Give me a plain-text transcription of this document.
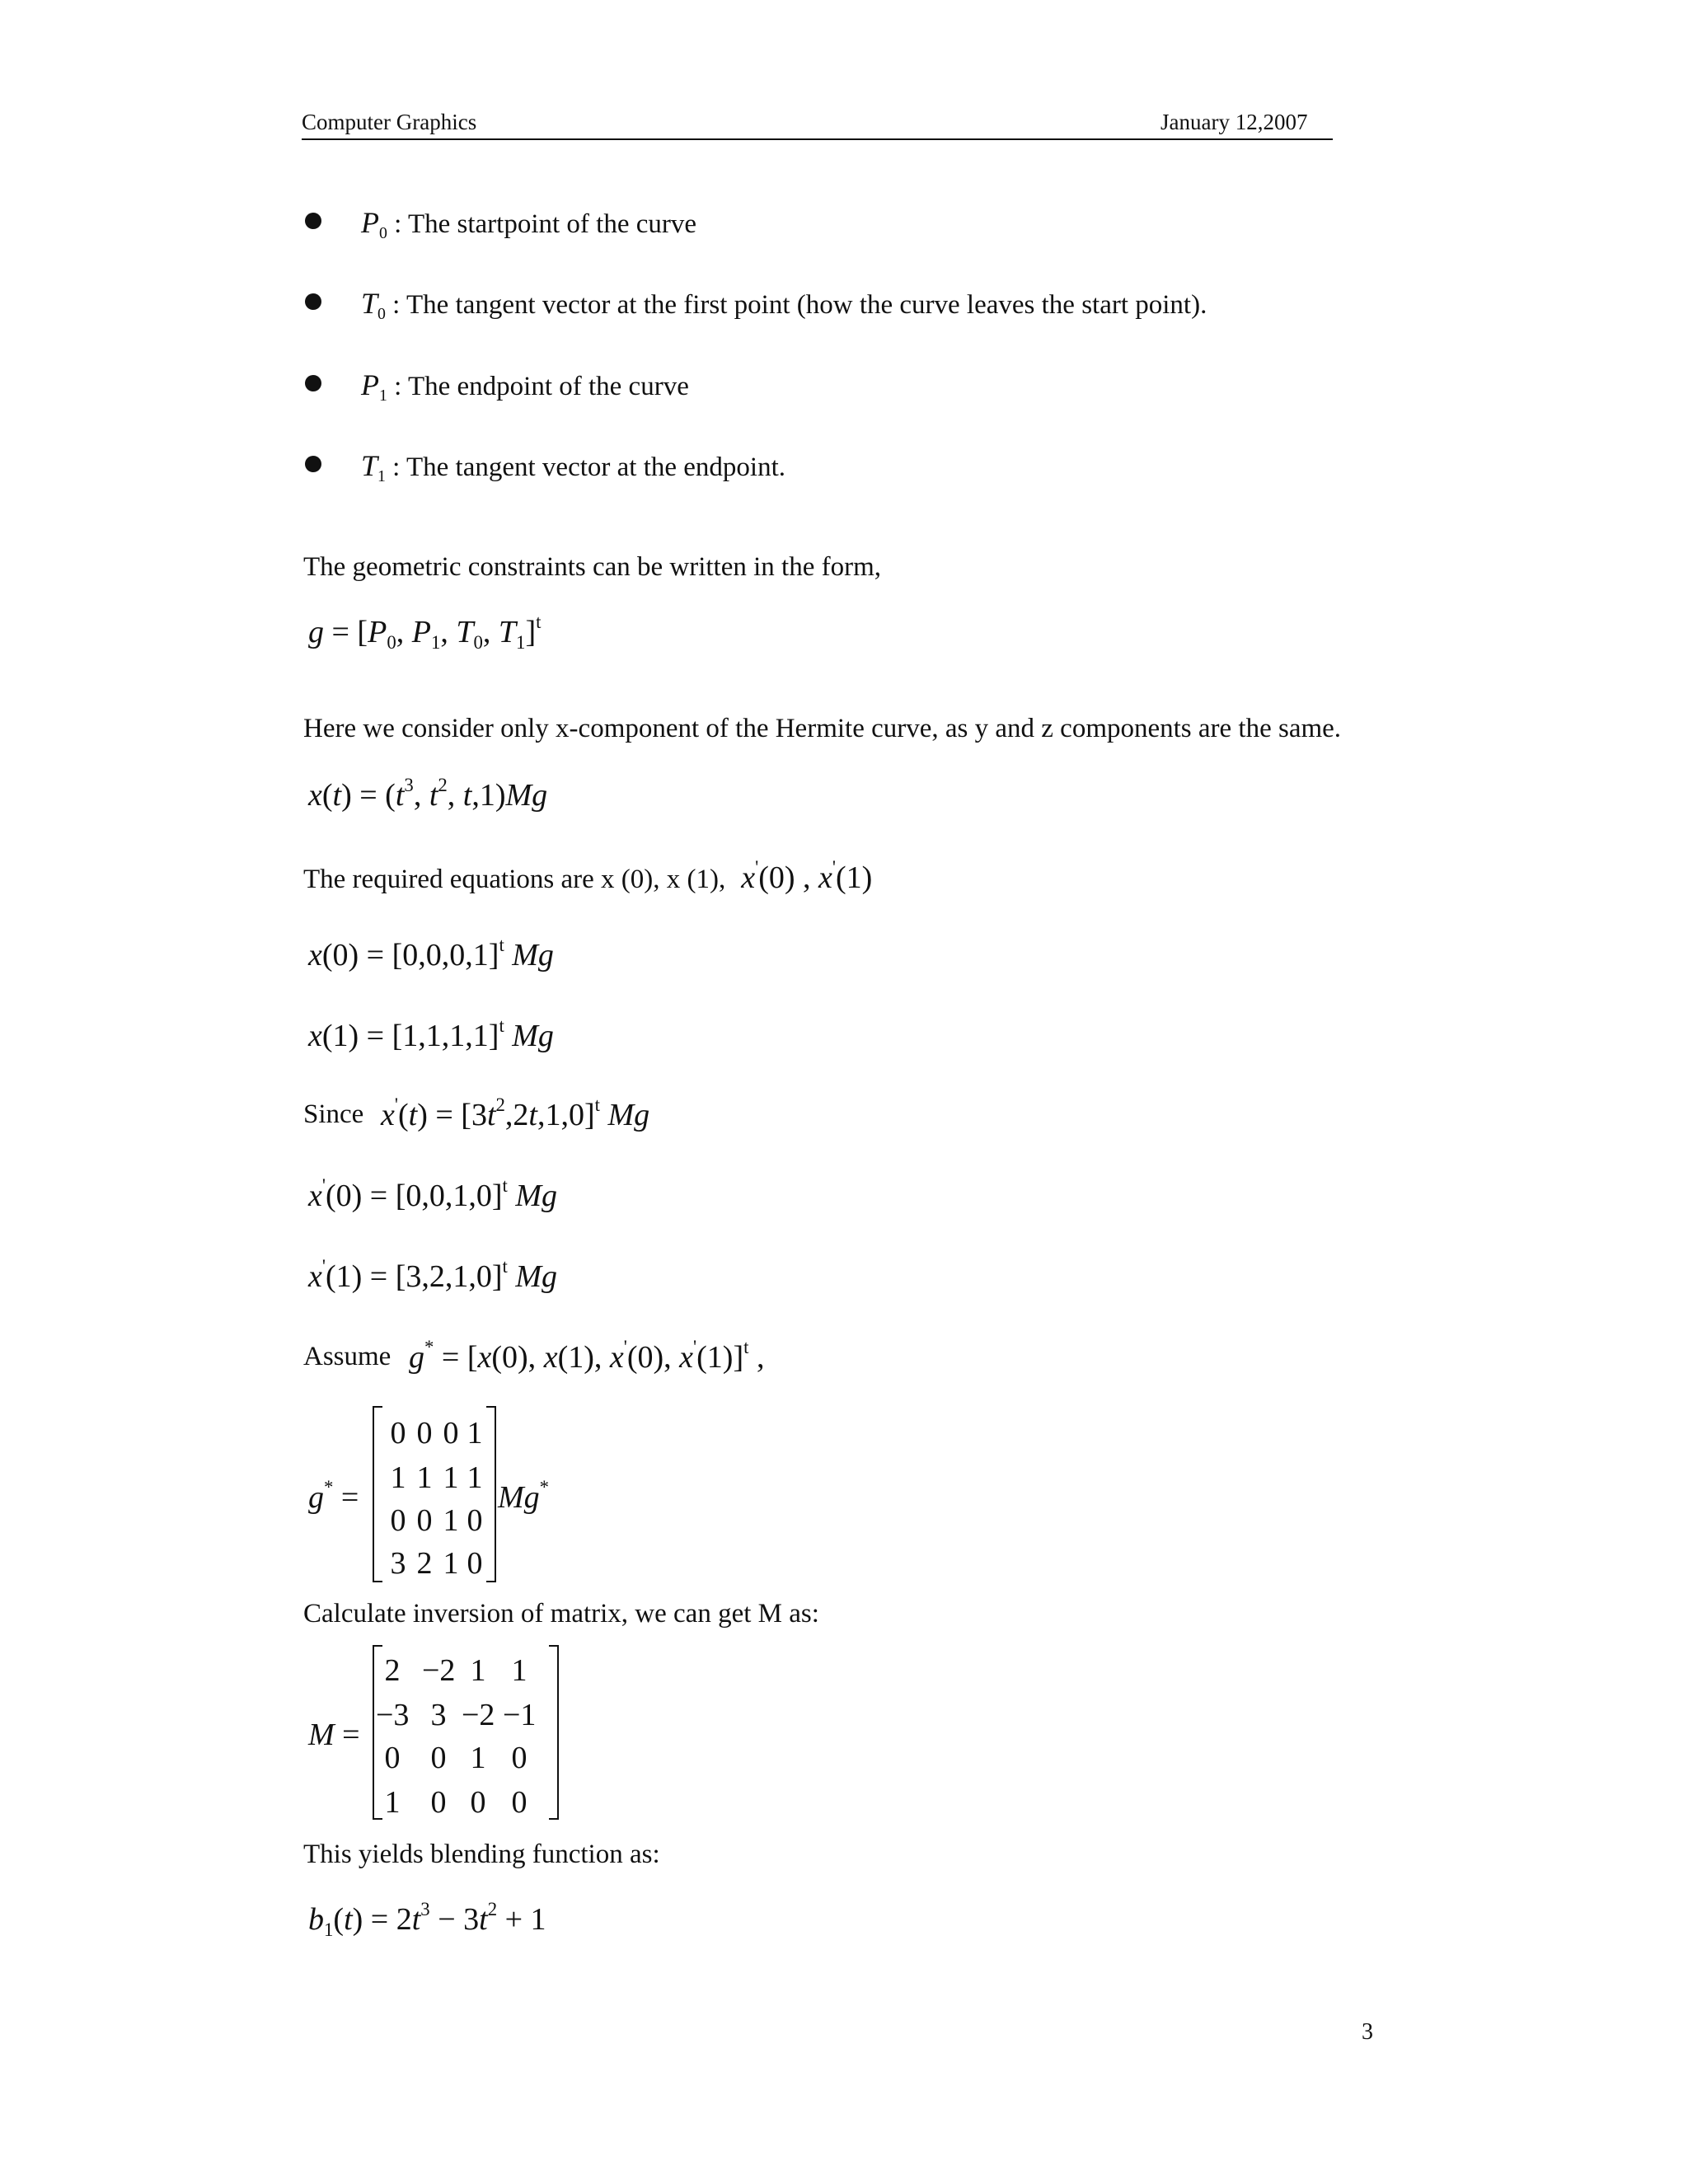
Computer Graphics	January 12,2007
$P_0$ : The startpoint of the curve
$T_0$ : The tangent vector at the first point (how the curve leaves the start point).
$P_1$ : The endpoint of the curve
$T_1$ : The tangent vector at the endpoint.
The geometric constraints can be written in the form,
$g = [P_0$, $P_1$, $T_0$, $T_1]^t$
Here we consider only x-component of the Hermite curve, as y and z components are the same.
$x(t) = (t^3$, $t^2$, t,1)Mg
The required equations are x (0), x (1), x'(0) , x'(1)
$x(0) = [0,0,0,1]^t$ Mg
$x(1) = [1,1,1,1]^t$ Mg
Since $x'(t) = [3t^2,2t,1,0]^t$ Mg
$x'(0) = [0,0,1,0]^t$ Mg
$x'(1) = [3,2,1,0]^t$ Mg
Assume g* = [x(0), x(1), x'(0), x'(1)]$^t$ ,
g* =
0 0 0 1
1 1 1 1
0 0 1 0
3 2 1 0
Mg*
Calculate inversion of matrix, we can get M as:
M =
2 −2 1 1
−3 3 −2 −1
0 0 1 0
1 0 0 0
This yields blending function as:
$b_1(t) = 2t^3 - 3t^2 + 1$
3
